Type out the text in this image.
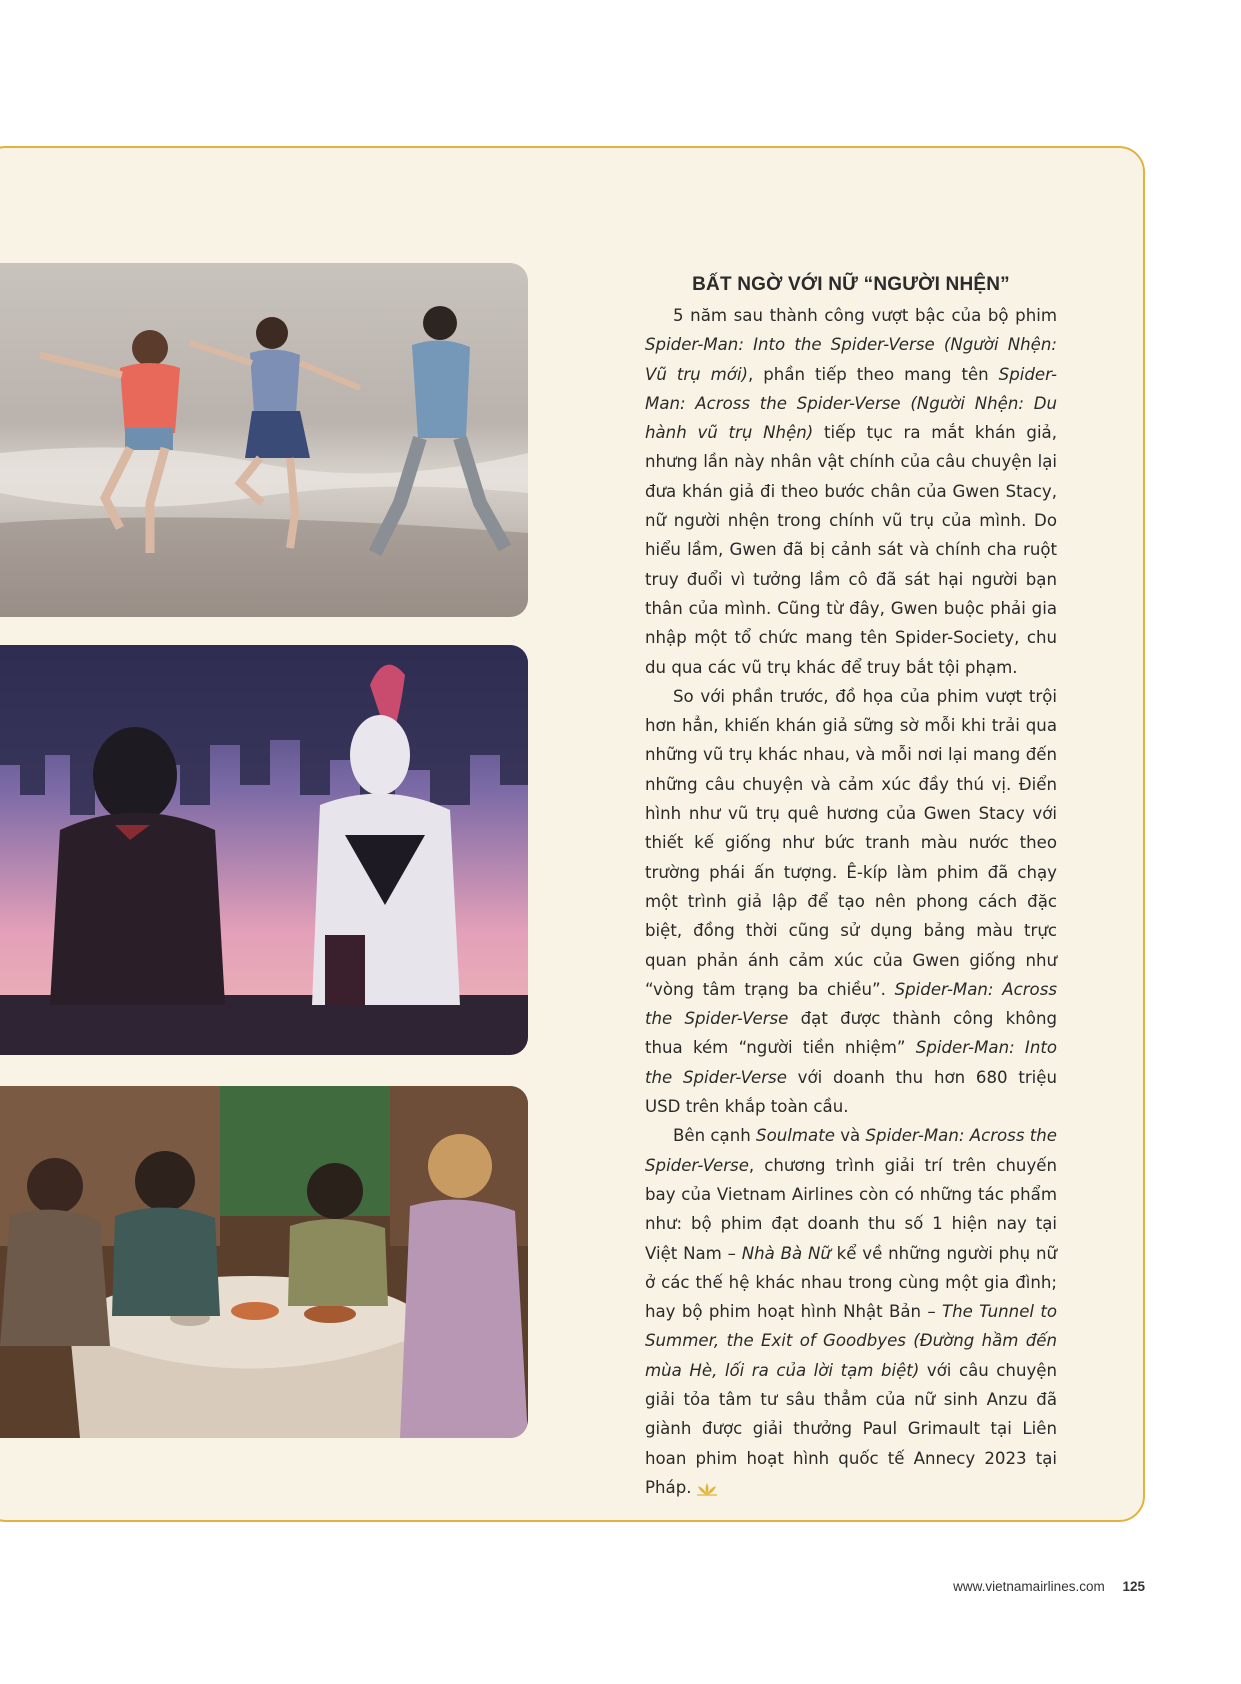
BẤT NGỜ VỚI NỮ “NGƯỜI NHỆN”

5 năm sau thành công vượt bậc của bộ phim Spider-Man: Into the Spider-Verse (Người Nhện: Vũ trụ mới), phần tiếp theo mang tên Spider-Man: Across the Spider-Verse (Người Nhện: Du hành vũ trụ Nhện) tiếp tục ra mắt khán giả, nhưng lần này nhân vật chính của câu chuyện lại đưa khán giả đi theo bước chân của Gwen Stacy, nữ người nhện trong chính vũ trụ của mình. Do hiểu lầm, Gwen đã bị cảnh sát và chính cha ruột truy đuổi vì tưởng lầm cô đã sát hại người bạn thân của mình. Cũng từ đây, Gwen buộc phải gia nhập một tổ chức mang tên Spider-Society, chu du qua các vũ trụ khác để truy bắt tội phạm.

So với phần trước, đồ họa của phim vượt trội hơn hẳn, khiến khán giả sững sờ mỗi khi trải qua những vũ trụ khác nhau, và mỗi nơi lại mang đến những câu chuyện và cảm xúc đầy thú vị. Điển hình như vũ trụ quê hương của Gwen Stacy với thiết kế giống như bức tranh màu nước theo trường phái ấn tượng. Ê-kíp làm phim đã chạy một trình giả lập để tạo nên phong cách đặc biệt, đồng thời cũng sử dụng bảng màu trực quan phản ánh cảm xúc của Gwen giống như “vòng tâm trạng ba chiều”. Spider-Man: Across the Spider-Verse đạt được thành công không thua kém “người tiền nhiệm” Spider-Man: Into the Spider-Verse với doanh thu hơn 680 triệu USD trên khắp toàn cầu.

Bên cạnh Soulmate và Spider-Man: Across the Spider-Verse, chương trình giải trí trên chuyến bay của Vietnam Airlines còn có những tác phẩm như: bộ phim đạt doanh thu số 1 hiện nay tại Việt Nam – Nhà Bà Nữ kể về những người phụ nữ ở các thế hệ khác nhau trong cùng một gia đình; hay bộ phim hoạt hình Nhật Bản – The Tunnel to Summer, the Exit of Goodbyes (Đường hầm đến mùa Hè, lối ra của lời tạm biệt) với câu chuyện giải tỏa tâm tư sâu thẳm của nữ sinh Anzu đã giành được giải thưởng Paul Grimault tại Liên hoan phim hoạt hình quốc tế Annecy 2023 tại Pháp.

www.vietnamairlines.com 125
